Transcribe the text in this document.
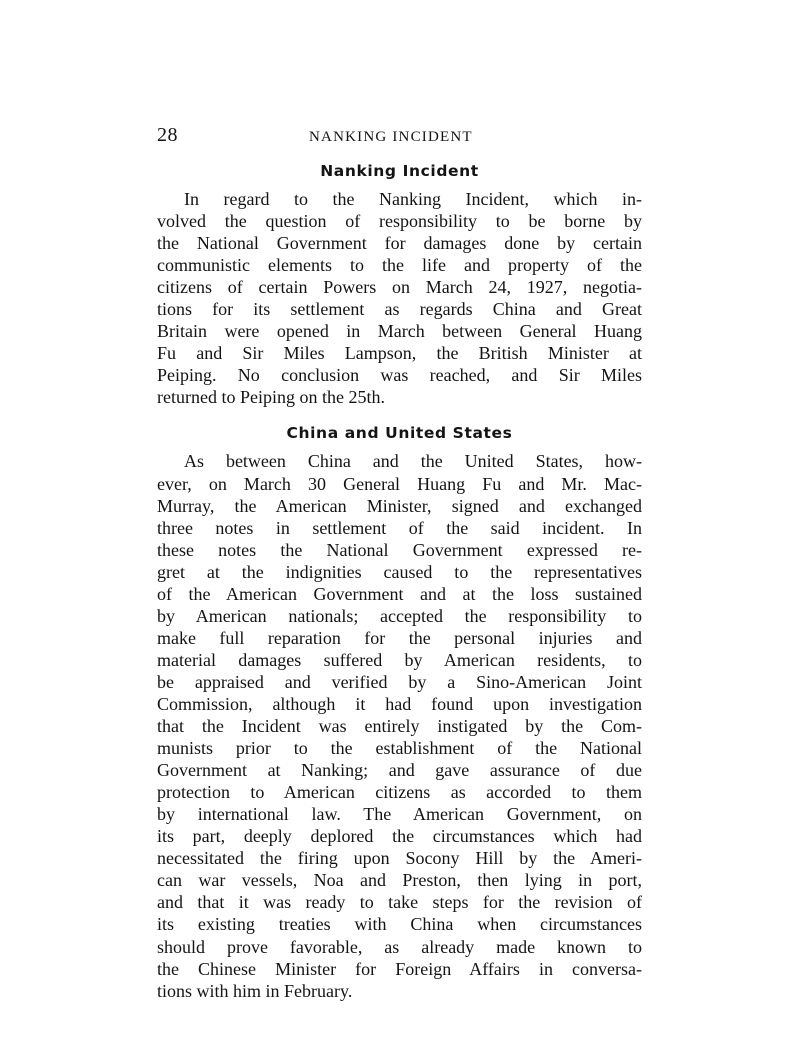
28	NANKING INCIDENT
Nanking Incident
In regard to the Nanking Incident, which in-
volved the question of responsibility to be borne by
the National Government for damages done by certain
communistic elements to the life and property of the
citizens of certain Powers on March 24, 1927, negotia-
tions for its settlement as regards China and Great
Britain were opened in March between General Huang
Fu and Sir Miles Lampson, the British Minister at
Peiping. No conclusion was reached, and Sir Miles
returned to Peiping on the 25th.
China and United States
As between China and the United States, how-
ever, on March 30 General Huang Fu and Mr. Mac-
Murray, the American Minister, signed and exchanged
three notes in settlement of the said incident. In
these notes the National Government expressed re-
gret at the indignities caused to the representatives
of the American Government and at the loss sustained
by American nationals; accepted the responsibility to
make full reparation for the personal injuries and
material damages suffered by American residents, to
be appraised and verified by a Sino-American Joint
Commission, although it had found upon investigation
that the Incident was entirely instigated by the Com-
munists prior to the establishment of the National
Government at Nanking; and gave assurance of due
protection to American citizens as accorded to them
by international law. The American Government, on
its part, deeply deplored the circumstances which had
necessitated the firing upon Socony Hill by the Ameri-
can war vessels, Noa and Preston, then lying in port,
and that it was ready to take steps for the revision of
its existing treaties with China when circumstances
should prove favorable, as already made known to
the Chinese Minister for Foreign Affairs in conversa-
tions with him in February.
